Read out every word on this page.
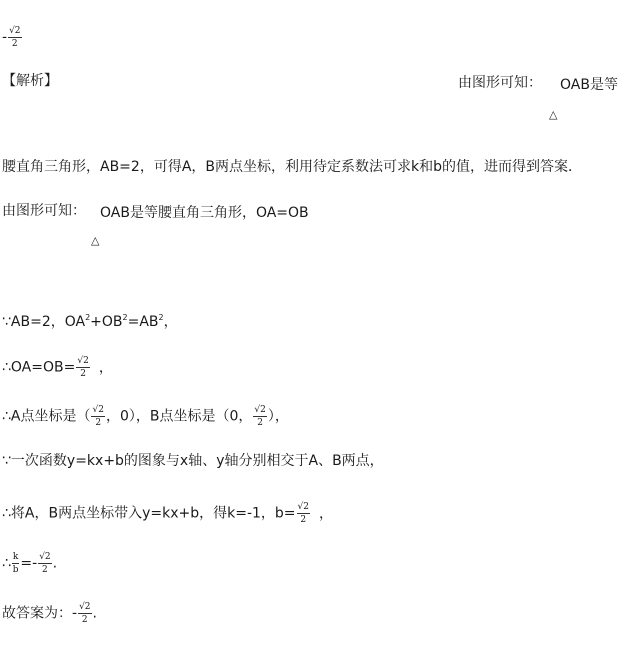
- $\frac{√2}{2}$
【解析】	由图形可知： OAB是等
△
腰直角三角形，AB=2，可得A，B两点坐标，利用待定系数法可求k和b的值，进而得到答案．
由图形可知： OAB是等腰直角三角形，OA=OB
△
∵AB=2，$OA^2+OB^2=AB^2$，
∴OA=OB= $\frac{√2}{2}$ ，
∴A点坐标是（ $\frac{√2}{2}$ ，0），B点坐标是（0， $\frac{√2}{2}$ ），
∵一次函数y=kx+b的图象与x轴、y轴分别相交于A、B两点，
∴将A，B两点坐标带入y=kx+b，得k=-1，$b= \frac{√2}{2}$ ，
∴ $\frac{k}{b} =- \frac{√2}{2}$ .
故答案为：- $\frac{√2}{2}$ .
